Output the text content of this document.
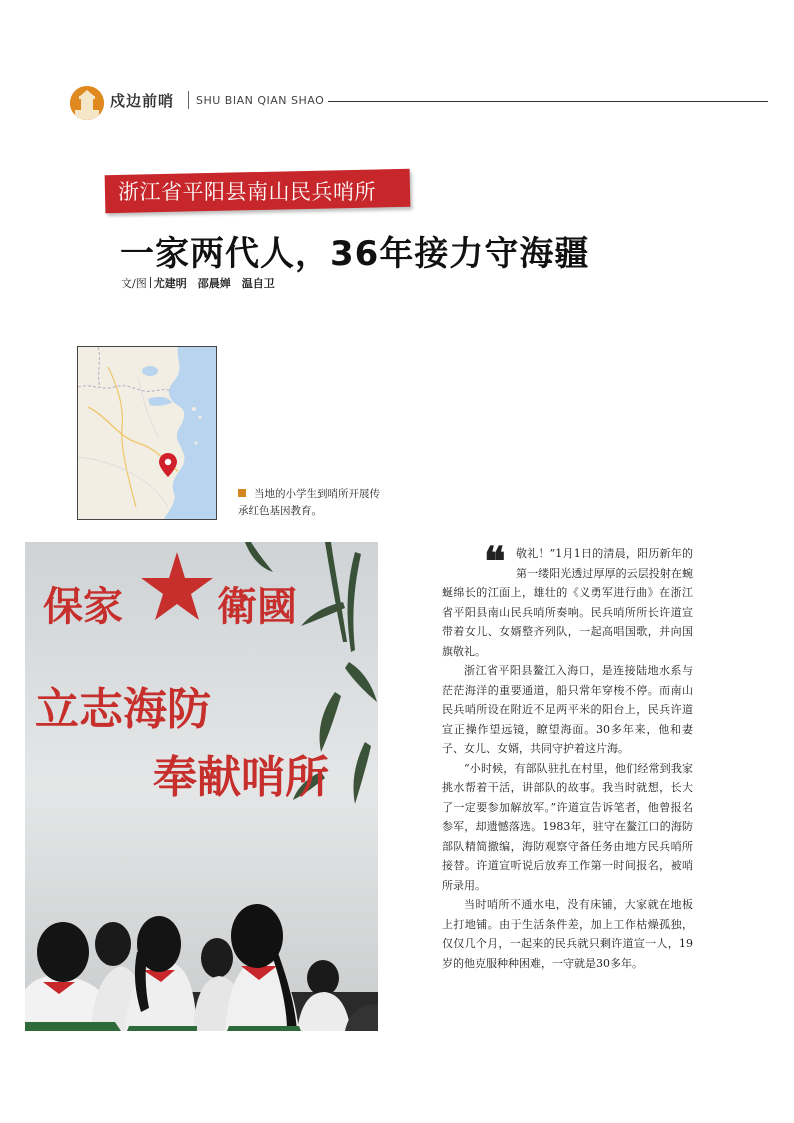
戍边前哨 SHU BIAN QIAN SHAO
浙江省平阳县南山民兵哨所
一家两代人，36年接力守海疆
文/图 尤建明　邵晨婵　温自卫
当地的小学生到哨所开展传承红色基因教育。
保家 衛國
立志海防
奉献哨所
❝ 敬礼！”1月1日的清晨，阳历新年的第一缕阳光透过厚厚的云层投射在蜿蜒绵长的江面上，雄壮的《义勇军进行曲》在浙江省平阳县南山民兵哨所奏响。民兵哨所所长许道宣带着女儿、女婿整齐列队，一起高唱国歌，并向国旗敬礼。

浙江省平阳县鳌江入海口，是连接陆地水系与茫茫海洋的重要通道，船只常年穿梭不停。而南山民兵哨所设在附近不足两平米的阳台上，民兵许道宣正操作望远镜，瞭望海面。30多年来，他和妻子、女儿、女婿，共同守护着这片海。

“小时候，有部队驻扎在村里，他们经常到我家挑水帮着干活，讲部队的故事。我当时就想，长大了一定要参加解放军。”许道宣告诉笔者，他曾报名参军，却遗憾落选。1983年，驻守在鳌江口的海防部队精简撤编，海防观察守备任务由地方民兵哨所接替。许道宣听说后放弃工作第一时间报名，被哨所录用。

当时哨所不通水电，没有床铺，大家就在地板上打地铺。由于生活条件差，加上工作枯燥孤独，仅仅几个月，一起来的民兵就只剩许道宣一人，19岁的他克服种种困难，一守就是30多年。
